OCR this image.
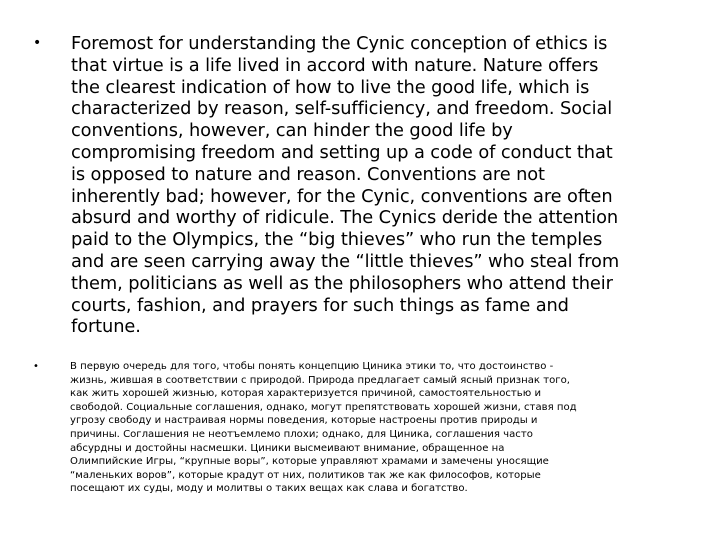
• Foremost for understanding the Cynic conception of ethics is
that virtue is a life lived in accord with nature. Nature offers
the clearest indication of how to live the good life, which is
characterized by reason, self-sufficiency, and freedom. Social
conventions, however, can hinder the good life by
compromising freedom and setting up a code of conduct that
is opposed to nature and reason. Conventions are not
inherently bad; however, for the Cynic, conventions are often
absurd and worthy of ridicule. The Cynics deride the attention
paid to the Olympics, the “big thieves” who run the temples
and are seen carrying away the “little thieves” who steal from
them, politicians as well as the philosophers who attend their
courts, fashion, and prayers for such things as fame and
fortune.

•	В первую очередь для того, чтобы понять концепцию Циника этики то, что достоинство -
жизнь, жившая в соответствии с природой. Природа предлагает самый ясный признак того,
как жить хорошей жизнью, которая характеризуется причиной, самостоятельностью и
свободой. Социальные соглашения, однако, могут препятствовать хорошей жизни, ставя под
угрозу свободу и настраивая нормы поведения, которые настроены против природы и
причины. Соглашения не неотъемлемо плохи; однако, для Циника, соглашения часто
абсурдны и достойны насмешки. Циники высмеивают внимание, обращенное на
Олимпийские Игры, “крупные воры”, которые управляют храмами и замечены уносящие
“маленьких воров”, которые крадут от них, политиков так же как философов, которые
посещают их суды, моду и молитвы о таких вещах как слава и богатство.
